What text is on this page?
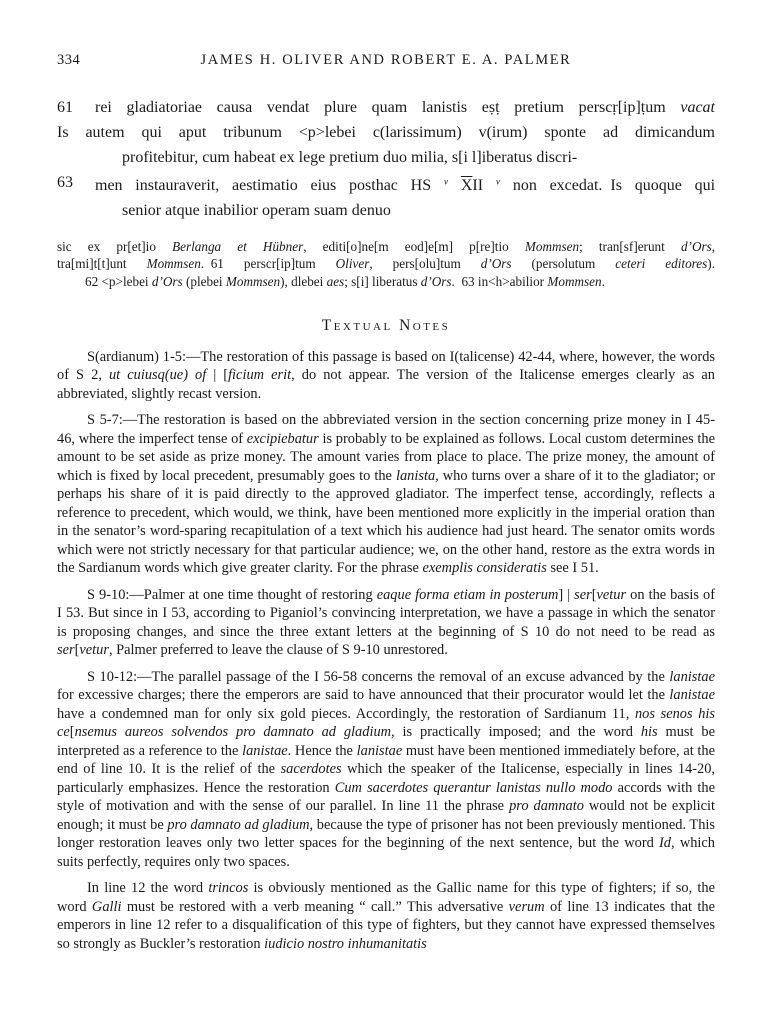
334	JAMES H. OLIVER AND ROBERT E. A. PALMER
61 rei gladiatoriae causa vendat plure quam lanistis eṣṭ pretium perscṛ[ip]ṭum vacat
Is autem qui aput tribunum <p>lebei c(larissimum) v(irum) sponte ad dimicandum
profitebitur, cum habeat ex lege pretium duo milia, s[i l]iberatus discri-
63 men instauraverit, aestimatio eius posthac HS $^v$ $\overline{X}II$ $^v$ non excedat. Is quoque qui
senior atque inabilior operam suam denuo
sic ex pr[et]io Berlanga et Hübner, editi[o]ne[m eod]e[m] p[re]tio Mommsen; tran[sf]erunt d’Ors,
tra[mi]t[t]unt Mommsen. 61 perscr[ip]tum Oliver, pers[olu]tum d’Ors (persolutum ceteri editores).
62 <p>lebei d’Ors (plebei Mommsen), dlebei aes; s[i] liberatus d’Ors. 63 in<h>abilior Mommsen.
Textual Notes

S(ardianum) 1-5:—The restoration of this passage is based on I(talicense) 42-44, where, however, the words of S 2, ut cuiusq(ue) of | [ficium erit, do not appear. The version of the Italicense emerges clearly as an abbreviated, slightly recast version.

S 5-7:—The restoration is based on the abbreviated version in the section concerning prize money in I 45-46, where the imperfect tense of excipiebatur is probably to be explained as follows. Local custom determines the amount to be set aside as prize money. The amount varies from place to place. The prize money, the amount of which is fixed by local precedent, presumably goes to the lanista, who turns over a share of it to the gladiator; or perhaps his share of it is paid directly to the approved gladiator. The imperfect tense, accordingly, reflects a reference to precedent, which would, we think, have been mentioned more explicitly in the imperial oration than in the senator’s word-sparing recapitulation of a text which his audience had just heard. The senator omits words which were not strictly necessary for that particular audience; we, on the other hand, restore as the extra words in the Sardianum words which give greater clarity. For the phrase exemplis consideratis see I 51.

S 9-10:—Palmer at one time thought of restoring eaque forma etiam in posterum] | ser[vetur on the basis of I 53. But since in I 53, according to Piganiol’s convincing interpretation, we have a passage in which the senator is proposing changes, and since the three extant letters at the beginning of S 10 do not need to be read as ser[vetur, Palmer preferred to leave the clause of S 9-10 unrestored.

S 10-12:—The parallel passage of the I 56-58 concerns the removal of an excuse advanced by the lanistae for excessive charges; there the emperors are said to have announced that their procurator would let the lanistae have a condemned man for only six gold pieces. Accordingly, the restoration of Sardianum 11, nos senos his ce[nsemus aureos solvendos pro damnato ad gladium, is practically imposed; and the word his must be interpreted as a reference to the lanistae. Hence the lanistae must have been mentioned immediately before, at the end of line 10. It is the relief of the sacerdotes which the speaker of the Italicense, especially in lines 14-20, particularly emphasizes. Hence the restoration Cum sacerdotes querantur lanistas nullo modo accords with the style of motivation and with the sense of our parallel. In line 11 the phrase pro damnato would not be explicit enough; it must be pro damnato ad gladium, because the type of prisoner has not been previously mentioned. This longer restoration leaves only two letter spaces for the beginning of the next sentence, but the word Id, which suits perfectly, requires only two spaces.

In line 12 the word trincos is obviously mentioned as the Gallic name for this type of fighters; if so, the word Galli must be restored with a verb meaning “ call.” This adversative verum of line 13 indicates that the emperors in line 12 refer to a disqualification of this type of fighters, but they cannot have expressed themselves so strongly as Buckler’s restoration iudicio nostro inhumanitatis
